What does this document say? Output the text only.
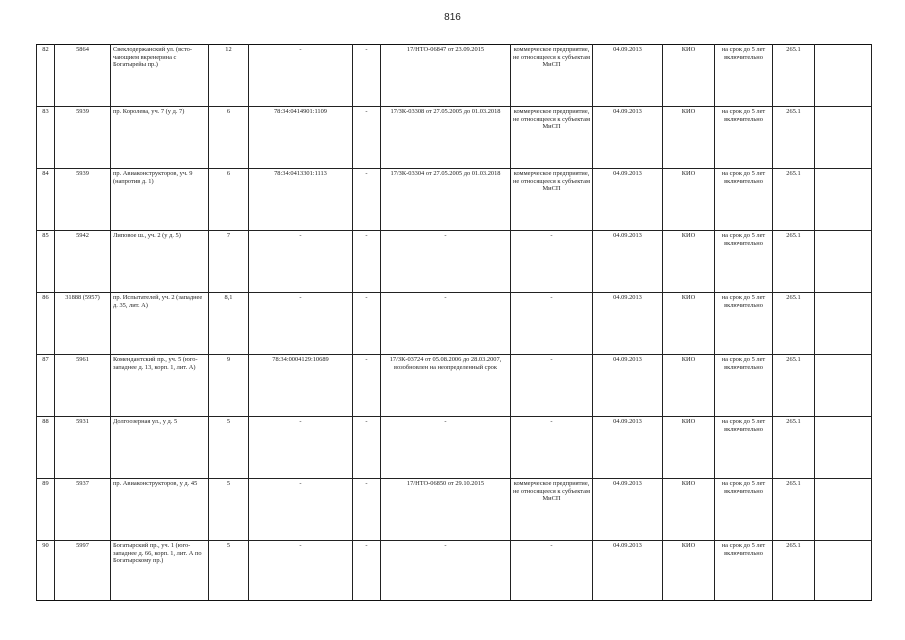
816
82	5864	Свеклодержанский ул. (всто-чающием вкренерина с Богатырейы пр.)	12	-	-	17/НТО-06847 от 23.09.2015	коммерческое предприятие, не относящееся к субъектам МиСП	04.09.2013	КИО	на срок до 5 лет включительно	265.1	
83	5939	пр. Королева, уч. 7 (у д. 7)	6	78:34:0414901:1109	-	17/ЗК-03308 от 27.05.2005 до 01.03.2018	коммерческое предприятие, не относящееся к субъектам МиСП	04.09.2013	КИО	на срок до 5 лет включительно	265.1	
84	5939	пр. Авиаконструкторов, уч. 9 (напротив д. 1)	6	78:34:0413301:1113	-	17/ЗК-03304 от 27.05.2005 до 01.03.2018	коммерческое предприятие, не относящееся к субъектам МиСП	04.09.2013	КИО	на срок до 5 лет включительно	265.1	
85	5942	Липовое ш., уч. 2 (у д. 5)	7	-	-	-	-	04.09.2013	КИО	на срок до 5 лет включительно	265.1	
86	31888 (5957)	пр. Испытателей, уч. 2 (западнее д. 35, лит. А)	8,1	-	-	-	-	04.09.2013	КИО	на срок до 5 лет включительно	265.1	
87	5961	Комендантский пр., уч. 5 (юго-западнее д. 13, корп. 1, лит. А)	9	78:34:0004129:10689	-	17/ЗК-03724 от 05.08.2006 до 28.03.2007, возобновлен на неопределенный срок	-	04.09.2013	КИО	на срок до 5 лет включительно	265.1	
88	5931	Долгоозерная ул., у д. 5	5	-	-	-	-	04.09.2013	КИО	на срок до 5 лет включительно	265.1	
89	5937	пр. Авиаконструкторов, у д. 45	5	-	-	17/НТО-06850 от 29.10.2015	коммерческое предприятие, не относящееся к субъектам МиСП	04.09.2013	КИО	на срок до 5 лет включительно	265.1	
90	5997	Богатырский пр., уч. 1 (юго-западнее д. 66, корп. 1, лит. А по Богатырскому пр.)	5	-	-	-	-	04.09.2013	КИО	на срок до 5 лет включительно	265.1	
